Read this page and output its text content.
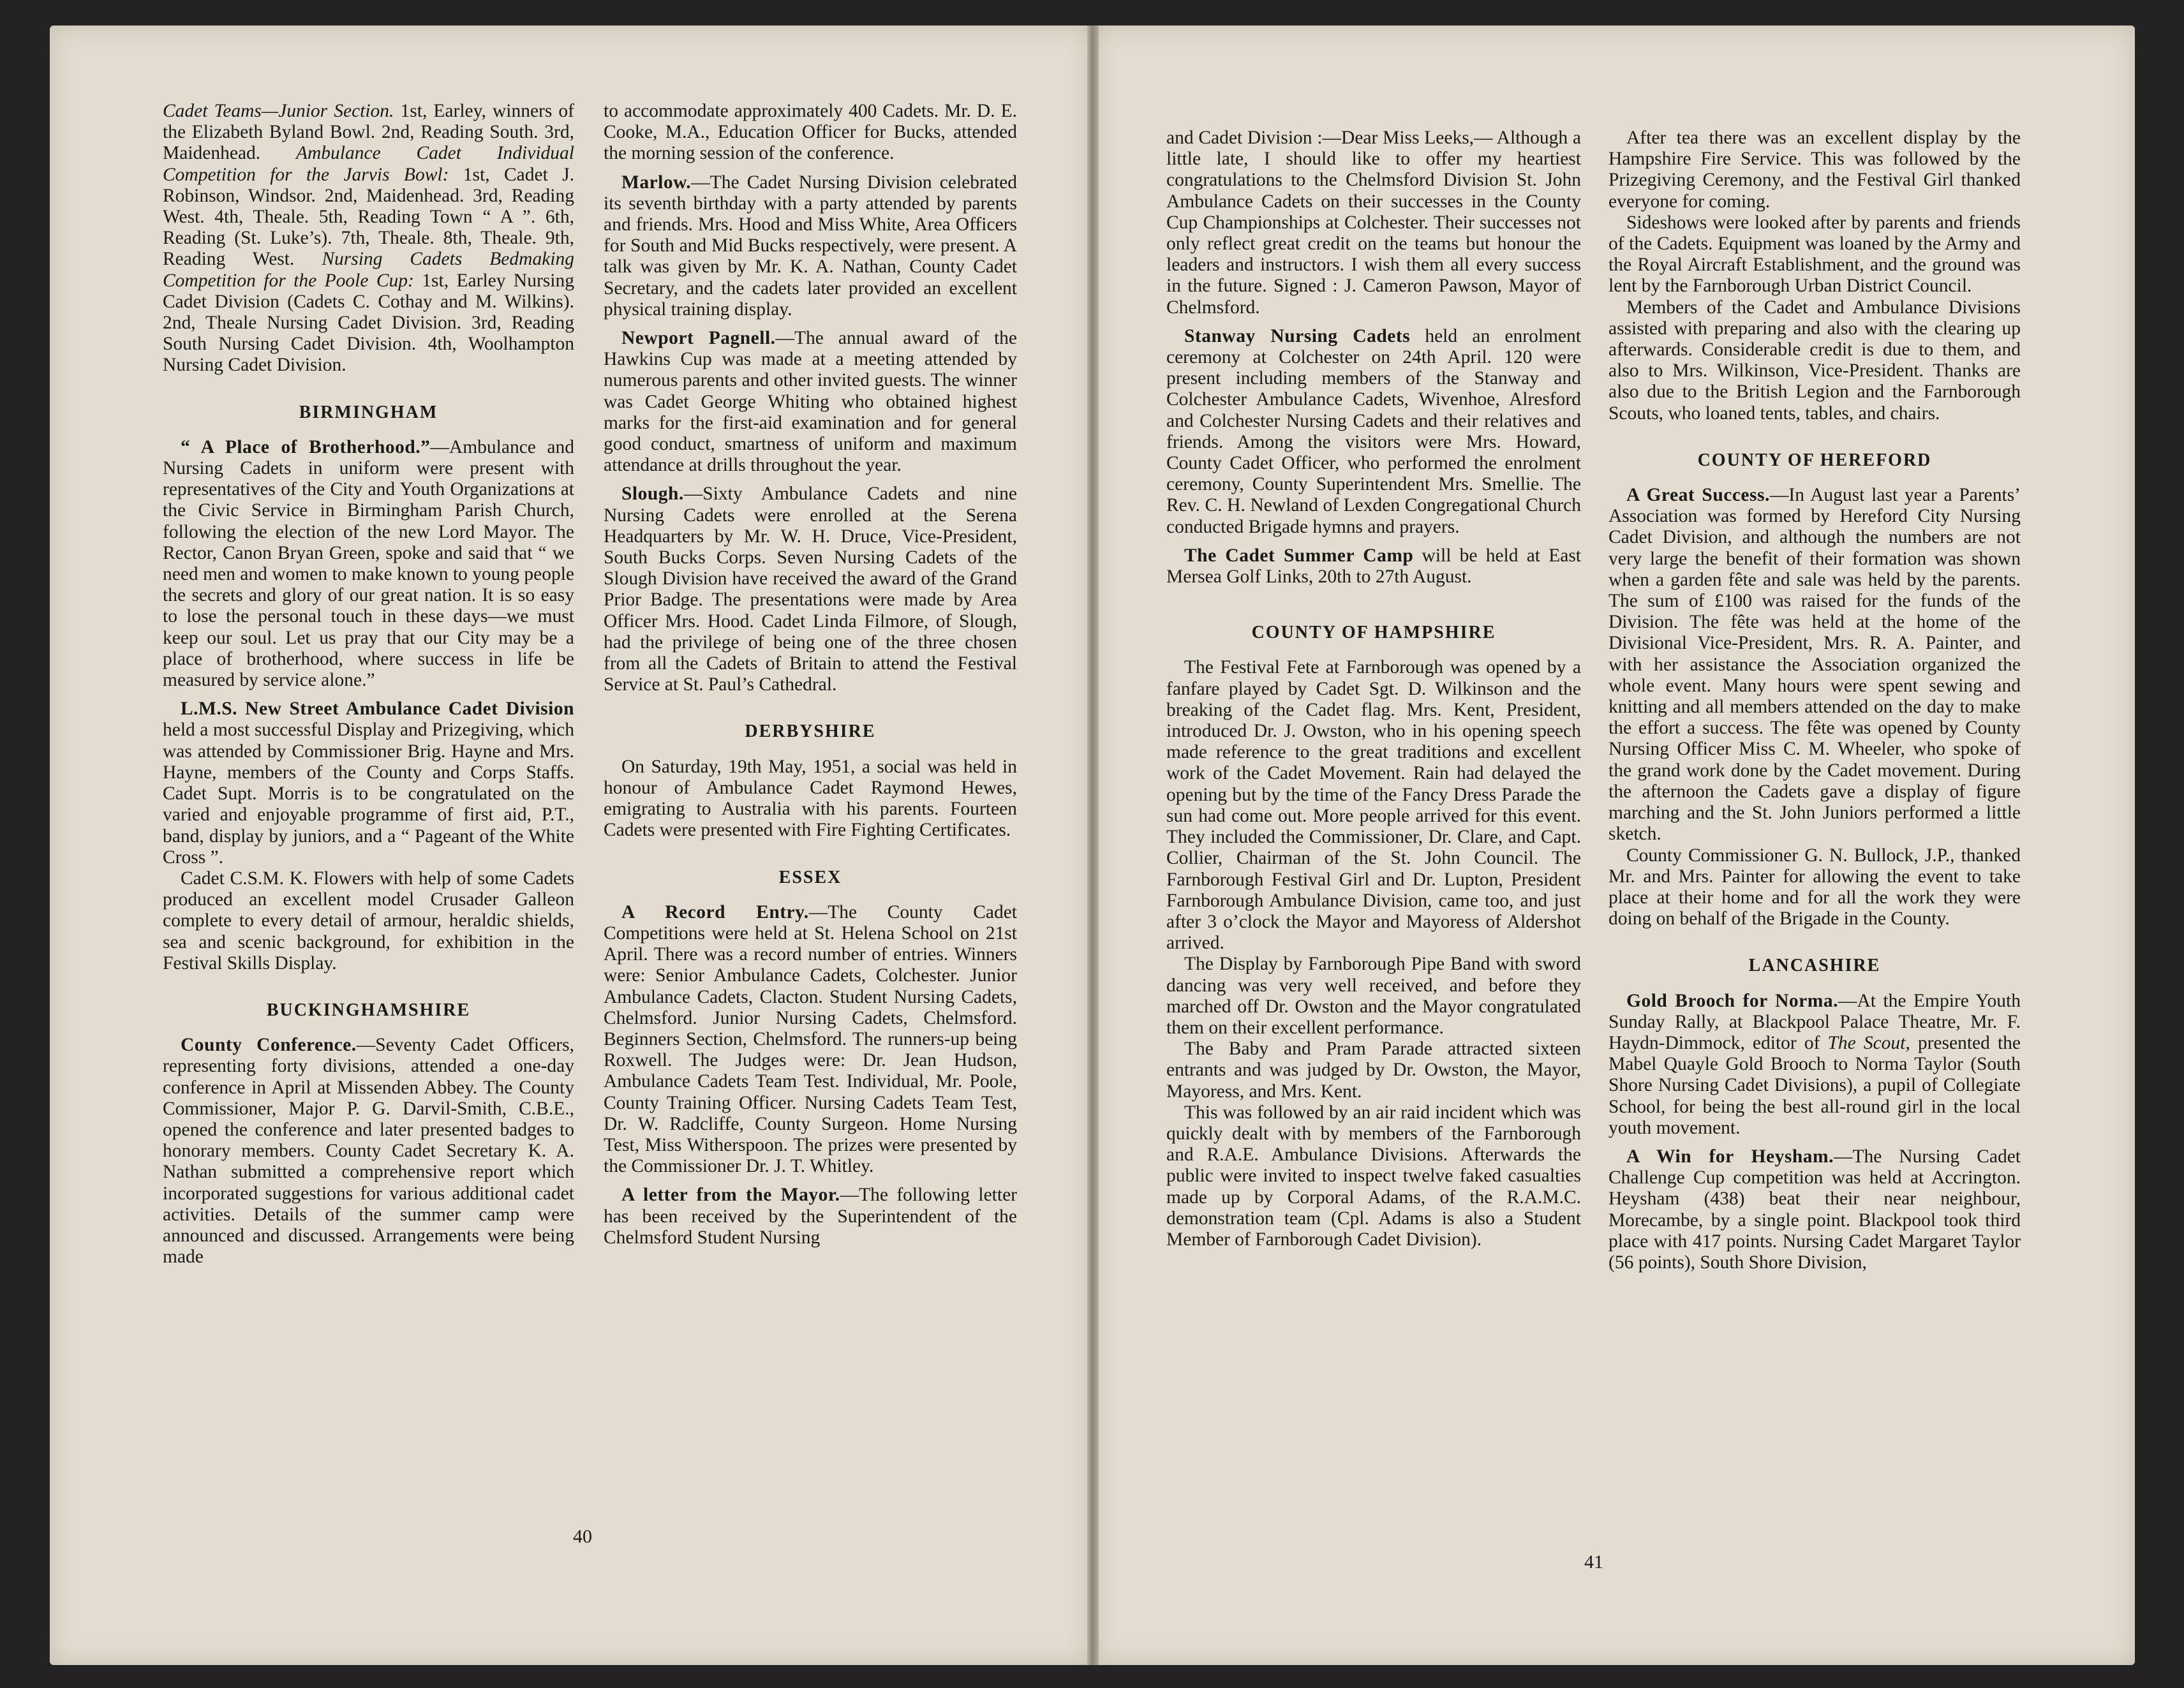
Cadet Teams—Junior Section. 1st, Earley, winners of the Elizabeth Byland Bowl. 2nd, Reading South. 3rd, Maidenhead. Ambulance Cadet Individual Competition for the Jarvis Bowl: 1st, Cadet J. Robinson, Windsor. 2nd, Maidenhead. 3rd, Reading West. 4th, Theale. 5th, Reading Town “ A ”. 6th, Reading (St. Luke’s). 7th, Theale. 8th, Theale. 9th, Reading West. Nursing Cadets Bedmaking Competition for the Poole Cup: 1st, Earley Nursing Cadet Division (Cadets C. Cothay and M. Wilkins). 2nd, Theale Nursing Cadet Division. 3rd, Reading South Nursing Cadet Division. 4th, Woolhampton Nursing Cadet Division.

BIRMINGHAM

“ A Place of Brotherhood.”—Ambulance and Nursing Cadets in uniform were present with representatives of the City and Youth Organizations at the Civic Service in Birmingham Parish Church, following the election of the new Lord Mayor. The Rector, Canon Bryan Green, spoke and said that “ we need men and women to make known to young people the secrets and glory of our great nation. It is so easy to lose the personal touch in these days—we must keep our soul. Let us pray that our City may be a place of brotherhood, where success in life be measured by service alone.”

L.M.S. New Street Ambulance Cadet Division held a most successful Display and Prizegiving, which was attended by Commissioner Brig. Hayne and Mrs. Hayne, members of the County and Corps Staffs. Cadet Supt. Morris is to be congratulated on the varied and enjoyable programme of first aid, P.T., band, display by juniors, and a “ Pageant of the White Cross ”.

Cadet C.S.M. K. Flowers with help of some Cadets produced an excellent model Crusader Galleon complete to every detail of armour, heraldic shields, sea and scenic background, for exhibition in the Festival Skills Display.

BUCKINGHAMSHIRE

County Conference.—Seventy Cadet Officers, representing forty divisions, attended a one-day conference in April at Missenden Abbey. The County Commissioner, Major P. G. Darvil-Smith, C.B.E., opened the conference and later presented badges to honorary members. County Cadet Secretary K. A. Nathan submitted a comprehensive report which incorporated suggestions for various additional cadet activities. Details of the summer camp were announced and discussed. Arrangements were being made

to accommodate approximately 400 Cadets. Mr. D. E. Cooke, M.A., Education Officer for Bucks, attended the morning session of the conference.

Marlow.—The Cadet Nursing Division celebrated its seventh birthday with a party attended by parents and friends. Mrs. Hood and Miss White, Area Officers for South and Mid Bucks respectively, were present. A talk was given by Mr. K. A. Nathan, County Cadet Secretary, and the cadets later provided an excellent physical training display.

Newport Pagnell.—The annual award of the Hawkins Cup was made at a meeting attended by numerous parents and other invited guests. The winner was Cadet George Whiting who obtained highest marks for the first-aid examination and for general good conduct, smartness of uniform and maximum attendance at drills throughout the year.

Slough.—Sixty Ambulance Cadets and nine Nursing Cadets were enrolled at the Serena Headquarters by Mr. W. H. Druce, Vice-President, South Bucks Corps. Seven Nursing Cadets of the Slough Division have received the award of the Grand Prior Badge. The presentations were made by Area Officer Mrs. Hood. Cadet Linda Filmore, of Slough, had the privilege of being one of the three chosen from all the Cadets of Britain to attend the Festival Service at St. Paul’s Cathedral.

DERBYSHIRE

On Saturday, 19th May, 1951, a social was held in honour of Ambulance Cadet Raymond Hewes, emigrating to Australia with his parents. Fourteen Cadets were presented with Fire Fighting Certificates.

ESSEX

A Record Entry.—The County Cadet Competitions were held at St. Helena School on 21st April. There was a record number of entries. Winners were: Senior Ambulance Cadets, Colchester. Junior Ambulance Cadets, Clacton. Student Nursing Cadets, Chelmsford. Junior Nursing Cadets, Chelmsford. Beginners Section, Chelmsford. The runners-up being Roxwell. The Judges were: Dr. Jean Hudson, Ambulance Cadets Team Test. Individual, Mr. Poole, County Training Officer. Nursing Cadets Team Test, Dr. W. Radcliffe, County Surgeon. Home Nursing Test, Miss Witherspoon. The prizes were presented by the Commissioner Dr. J. T. Whitley.

A letter from the Mayor.—The following letter has been received by the Superintendent of the Chelmsford Student Nursing

40

and Cadet Division :—Dear Miss Leeks,— Although a little late, I should like to offer my heartiest congratulations to the Chelmsford Division St. John Ambulance Cadets on their successes in the County Cup Championships at Colchester. Their successes not only reflect great credit on the teams but honour the leaders and instructors. I wish them all every success in the future. Signed : J. Cameron Pawson, Mayor of Chelmsford.

Stanway Nursing Cadets held an enrolment ceremony at Colchester on 24th April. 120 were present including members of the Stanway and Colchester Ambulance Cadets, Wivenhoe, Alresford and Colchester Nursing Cadets and their relatives and friends. Among the visitors were Mrs. Howard, County Cadet Officer, who performed the enrolment ceremony, County Superintendent Mrs. Smellie. The Rev. C. H. Newland of Lexden Congregational Church conducted Brigade hymns and prayers.

The Cadet Summer Camp will be held at East Mersea Golf Links, 20th to 27th August.

COUNTY OF HAMPSHIRE

The Festival Fete at Farnborough was opened by a fanfare played by Cadet Sgt. D. Wilkinson and the breaking of the Cadet flag. Mrs. Kent, President, introduced Dr. J. Owston, who in his opening speech made reference to the great traditions and excellent work of the Cadet Movement. Rain had delayed the opening but by the time of the Fancy Dress Parade the sun had come out. More people arrived for this event. They included the Commissioner, Dr. Clare, and Capt. Collier, Chairman of the St. John Council. The Farnborough Festival Girl and Dr. Lupton, President Farnborough Ambulance Division, came too, and just after 3 o’clock the Mayor and Mayoress of Aldershot arrived.

The Display by Farnborough Pipe Band with sword dancing was very well received, and before they marched off Dr. Owston and the Mayor congratulated them on their excellent performance.

The Baby and Pram Parade attracted sixteen entrants and was judged by Dr. Owston, the Mayor, Mayoress, and Mrs. Kent.

This was followed by an air raid incident which was quickly dealt with by members of the Farnborough and R.A.E. Ambulance Divisions. Afterwards the public were invited to inspect twelve faked casualties made up by Corporal Adams, of the R.A.M.C. demonstration team (Cpl. Adams is also a Student Member of Farnborough Cadet Division).

After tea there was an excellent display by the Hampshire Fire Service. This was followed by the Prizegiving Ceremony, and the Festival Girl thanked everyone for coming.

Sideshows were looked after by parents and friends of the Cadets. Equipment was loaned by the Army and the Royal Aircraft Establishment, and the ground was lent by the Farnborough Urban District Council.

Members of the Cadet and Ambulance Divisions assisted with preparing and also with the clearing up afterwards. Considerable credit is due to them, and also to Mrs. Wilkinson, Vice-President. Thanks are also due to the British Legion and the Farnborough Scouts, who loaned tents, tables, and chairs.

COUNTY OF HEREFORD

A Great Success.—In August last year a Parents’ Association was formed by Hereford City Nursing Cadet Division, and although the numbers are not very large the benefit of their formation was shown when a garden fête and sale was held by the parents. The sum of £100 was raised for the funds of the Division. The fête was held at the home of the Divisional Vice-President, Mrs. R. A. Painter, and with her assistance the Association organized the whole event. Many hours were spent sewing and knitting and all members attended on the day to make the effort a success. The fête was opened by County Nursing Officer Miss C. M. Wheeler, who spoke of the grand work done by the Cadet movement. During the afternoon the Cadets gave a display of figure marching and the St. John Juniors performed a little sketch.

County Commissioner G. N. Bullock, J.P., thanked Mr. and Mrs. Painter for allowing the event to take place at their home and for all the work they were doing on behalf of the Brigade in the County.

LANCASHIRE

Gold Brooch for Norma.—At the Empire Youth Sunday Rally, at Blackpool Palace Theatre, Mr. F. Haydn-Dimmock, editor of The Scout, presented the Mabel Quayle Gold Brooch to Norma Taylor (South Shore Nursing Cadet Divisions), a pupil of Collegiate School, for being the best all-round girl in the local youth movement.

A Win for Heysham.—The Nursing Cadet Challenge Cup competition was held at Accrington. Heysham (438) beat their near neighbour, Morecambe, by a single point. Blackpool took third place with 417 points. Nursing Cadet Margaret Taylor (56 points), South Shore Division,

41
